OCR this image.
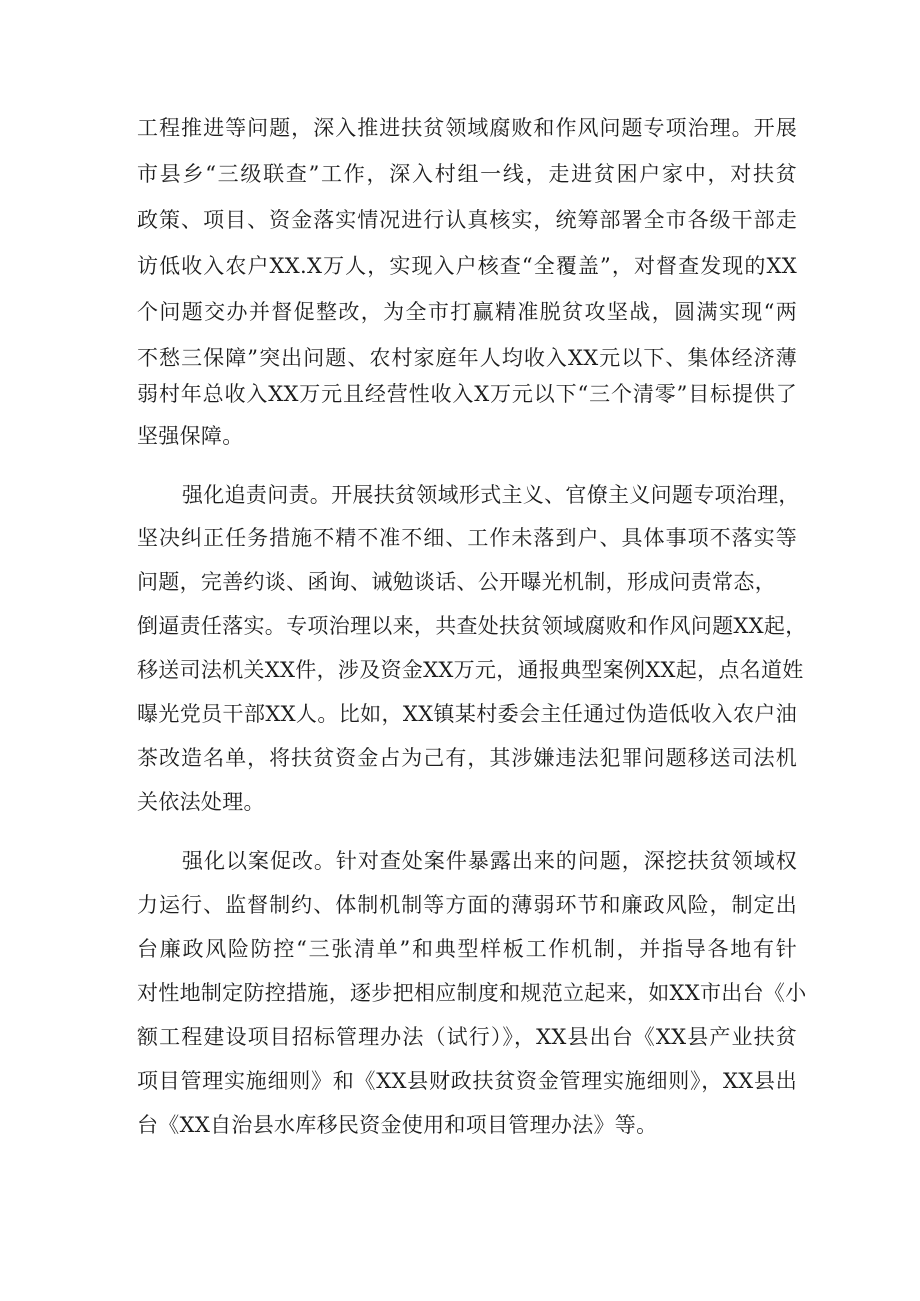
工程推进等问题，深入推进扶贫领域腐败和作风问题专项治理。开展
市县乡“三级联查”工作，深入村组一线，走进贫困户家中，对扶贫
政策、项目、资金落实情况进行认真核实，统筹部署全市各级干部走
访低收入农户XX.X万人，实现入户核查“全覆盖”，对督查发现的XX
个问题交办并督促整改，为全市打赢精准脱贫攻坚战，圆满实现“两
不愁三保障”突出问题、农村家庭年人均收入XX元以下、集体经济薄
弱村年总收入XX万元且经营性收入X万元以下“三个清零”目标提供了
坚强保障。
强化追责问责。开展扶贫领域形式主义、官僚主义问题专项治理，
坚决纠正任务措施不精不准不细、工作未落到户、具体事项不落实等
问题，完善约谈、函询、诫勉谈话、公开曝光机制，形成问责常态，
倒逼责任落实。专项治理以来，共查处扶贫领域腐败和作风问题XX起，
移送司法机关XX件，涉及资金XX万元，通报典型案例XX起，点名道姓
曝光党员干部XX人。比如，XX镇某村委会主任通过伪造低收入农户油
茶改造名单，将扶贫资金占为己有，其涉嫌违法犯罪问题移送司法机
关依法处理。
强化以案促改。针对查处案件暴露出来的问题，深挖扶贫领域权
力运行、监督制约、体制机制等方面的薄弱环节和廉政风险，制定出
台廉政风险防控“三张清单”和典型样板工作机制，并指导各地有针
对性地制定防控措施，逐步把相应制度和规范立起来，如XX市出台《小
额工程建设项目招标管理办法（试行）》，XX县出台《XX县产业扶贫
项目管理实施细则》和《XX县财政扶贫资金管理实施细则》，XX县出
台《XX自治县水库移民资金使用和项目管理办法》等。
